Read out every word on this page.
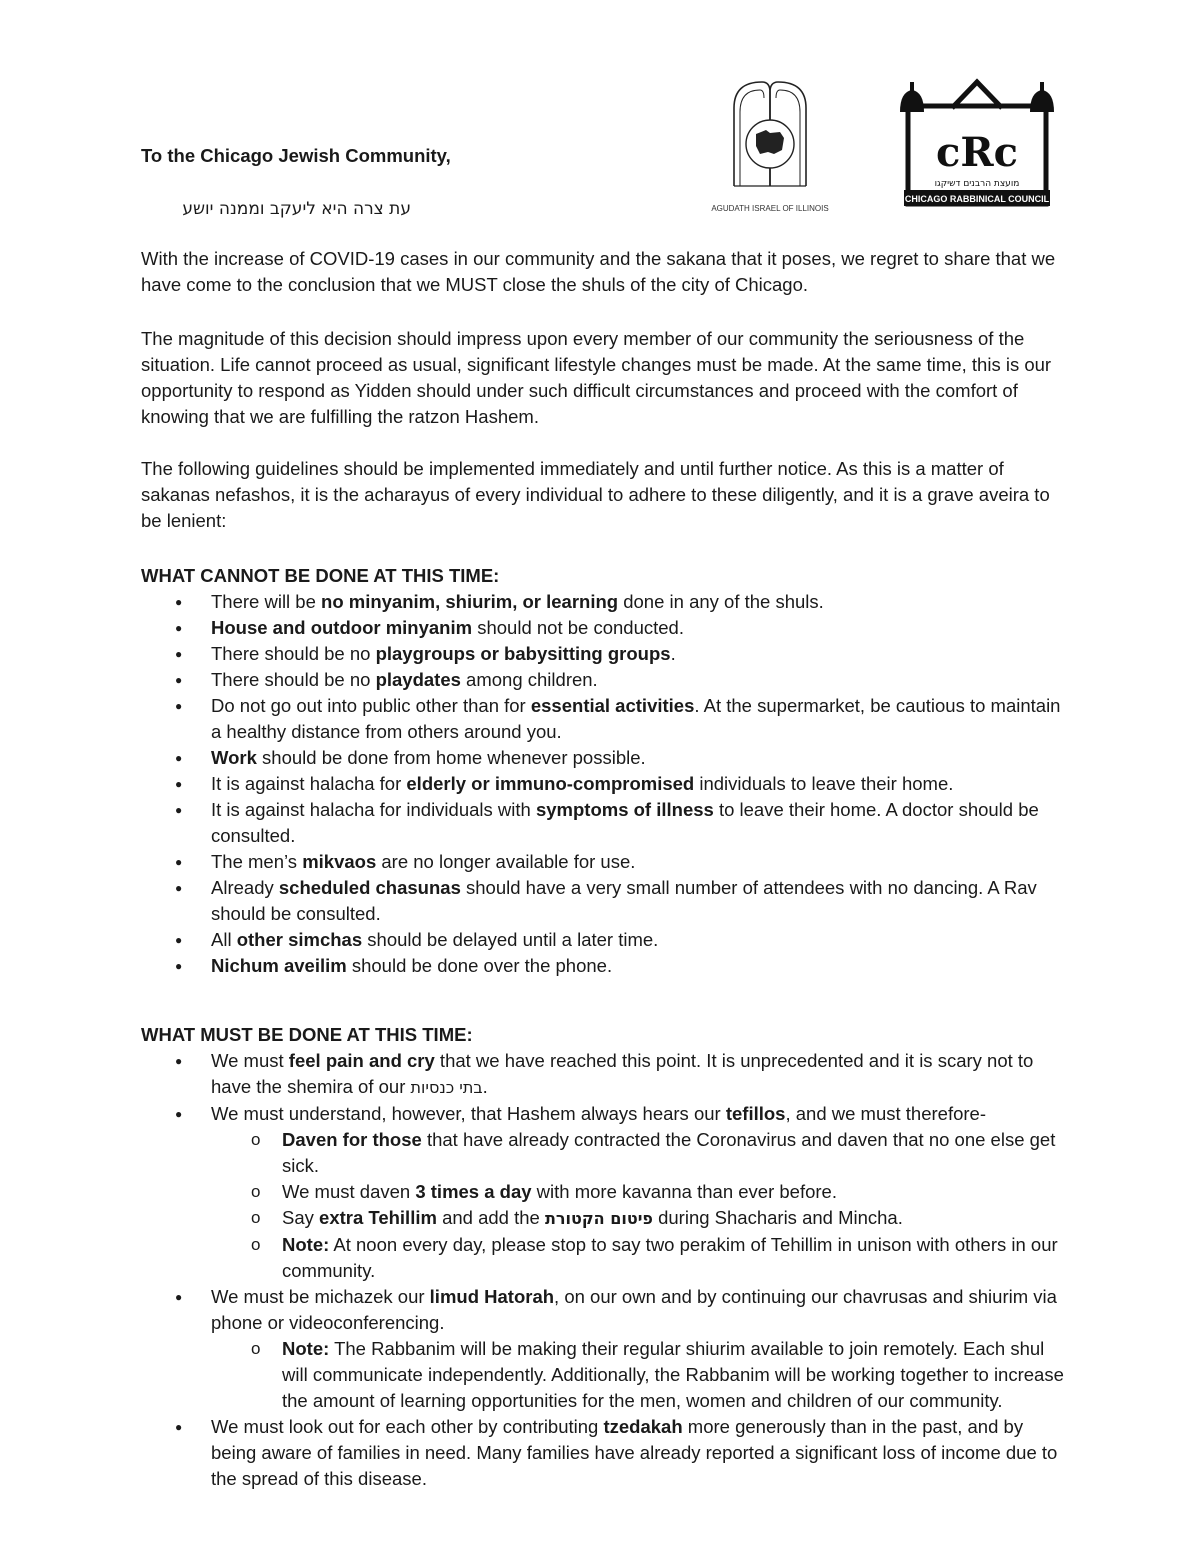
AGUDATH ISRAEL OF ILLINOIS
cRc
מועצת הרבנים דשיקגו
CHICAGO RABBINICAL COUNCIL
To the Chicago Jewish Community,
עת צרה היא ליעקב וממנה יושע

With the increase of COVID-19 cases in our community and the sakana that it poses, we regret to share that we have come to the conclusion that we MUST close the shuls of the city of Chicago.

The magnitude of this decision should impress upon every member of our community the seriousness of the situation. Life cannot proceed as usual, significant lifestyle changes must be made. At the same time, this is our opportunity to respond as Yidden should under such difficult circumstances and proceed with the comfort of knowing that we are fulfilling the ratzon Hashem.

The following guidelines should be implemented immediately and until further notice. As this is a matter of sakanas nefashos, it is the acharayus of every individual to adhere to these diligently, and it is a grave aveira to be lenient:

WHAT CANNOT BE DONE AT THIS TIME:
● There will be no minyanim, shiurim, or learning done in any of the shuls.
● House and outdoor minyanim should not be conducted.
● There should be no playgroups or babysitting groups.
● There should be no playdates among children.
● Do not go out into public other than for essential activities. At the supermarket, be cautious to maintain a healthy distance from others around you.
● Work should be done from home whenever possible.
● It is against halacha for elderly or immuno-compromised individuals to leave their home.
● It is against halacha for individuals with symptoms of illness to leave their home. A doctor should be consulted.
● The men’s mikvaos are no longer available for use.
● Already scheduled chasunas should have a very small number of attendees with no dancing. A Rav should be consulted.
● All other simchas should be delayed until a later time.
● Nichum aveilim should be done over the phone.
WHAT MUST BE DONE AT THIS TIME:
● We must feel pain and cry that we have reached this point. It is unprecedented and it is scary not to have the shemira of our בתי כנסיות.
● We must understand, however, that Hashem always hears our tefillos, and we must therefore-
o Daven for those that have already contracted the Coronavirus and daven that no one else get sick.
o We must daven 3 times a day with more kavanna than ever before.
o Say extra Tehillim and add the פיטום הקטורת during Shacharis and Mincha.
o Note: At noon every day, please stop to say two perakim of Tehillim in unison with others in our community.
● We must be michazek our limud Hatorah, on our own and by continuing our chavrusas and shiurim via phone or videoconferencing.
o Note: The Rabbanim will be making their regular shiurim available to join remotely. Each shul will communicate independently. Additionally, the Rabbanim will be working together to increase the amount of learning opportunities for the men, women and children of our community.
● We must look out for each other by contributing tzedakah more generously than in the past, and by being aware of families in need. Many families have already reported a significant loss of income due to the spread of this disease.
